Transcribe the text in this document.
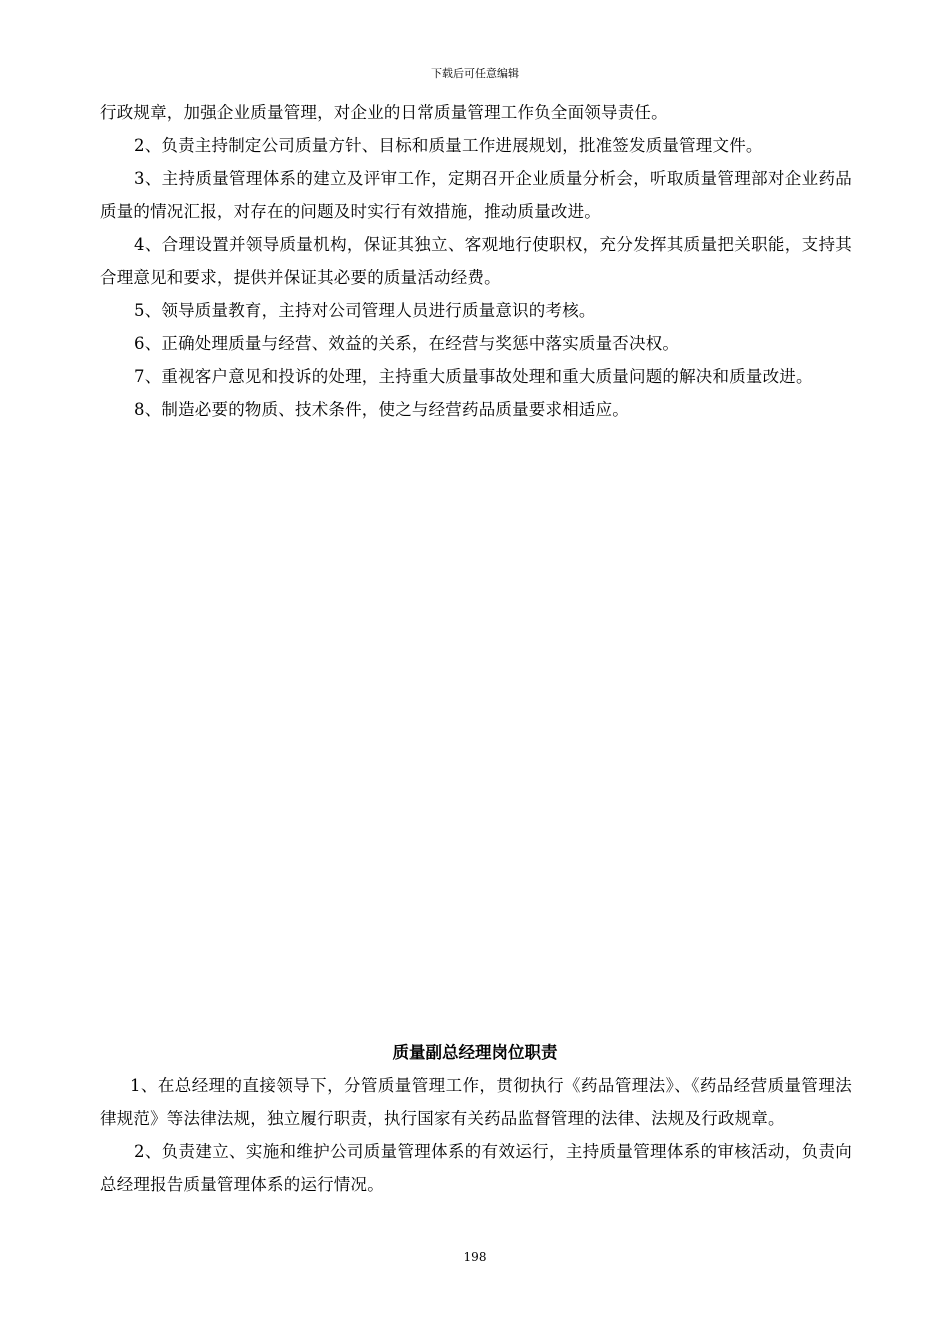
下载后可任意编辑

行政规章，加强企业质量管理，对企业的日常质量管理工作负全面领导责任。

2、负责主持制定公司质量方针、目标和质量工作进展规划，批准签发质量管理文件。

3、主持质量管理体系的建立及评审工作，定期召开企业质量分析会，听取质量管理部对企业药品质量的情况汇报，对存在的问题及时实行有效措施，推动质量改进。

4、合理设置并领导质量机构，保证其独立、客观地行使职权，充分发挥其质量把关职能，支持其合理意见和要求，提供并保证其必要的质量活动经费。

5、领导质量教育，主持对公司管理人员进行质量意识的考核。

6、正确处理质量与经营、效益的关系，在经营与奖惩中落实质量否决权。

7、重视客户意见和投诉的处理，主持重大质量事故处理和重大质量问题的解决和质量改进。

8、制造必要的物质、技术条件，使之与经营药品质量要求相适应。

质量副总经理岗位职责

1、在总经理的直接领导下，分管质量管理工作，贯彻执行《药品管理法》、《药品经营质量管理法律规范》等法律法规，独立履行职责，执行国家有关药品监督管理的法律、法规及行政规章。

2、负责建立、实施和维护公司质量管理体系的有效运行，主持质量管理体系的审核活动，负责向总经理报告质量管理体系的运行情况。

198
